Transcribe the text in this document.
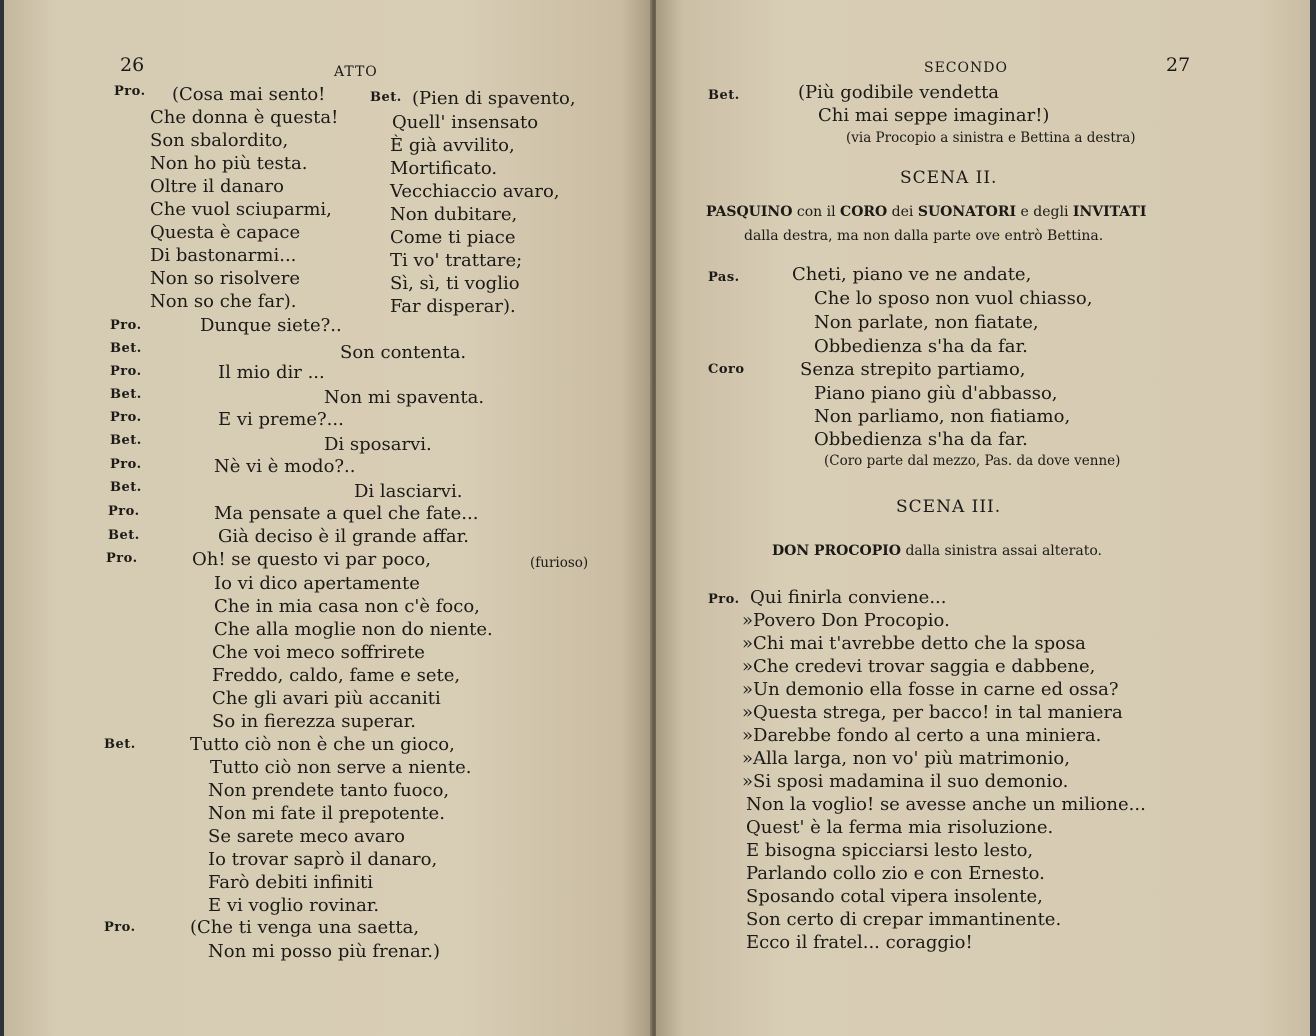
26	ATTO
Pro. (Cosa mai sento!
Che donna è questa!
Son sbalordito,
Non ho più testa.
Oltre il danaro
Che vuol sciuparmi,
Questa è capace
Di bastonarmi...
Non so risolvere
Non so che far).
Bet. (Pien di spavento,
Quell' insensato
È già avvilito,
Mortificato.
Vecchiaccio avaro,
Non dubitare,
Come ti piace
Ti vo' trattare;
Sì, sì, ti voglio
Far disperar).
Pro.	Dunque siete?..
Bet.	Son contenta.
Pro.	Il mio dir ...
Bet.	Non mi spaventa.
Pro.	E vi preme?...
Bet.	Di sposarvi.
Pro.	Nè vi è modo?..
Bet.	Di lasciarvi.
Pro.	Ma pensate a quel che fate...
Bet.	Già deciso è il grande affar.
Pro.	Oh! se questo vi par poco,	(furioso)
Io vi dico apertamente
Che in mia casa non c'è foco,
Che alla moglie non do niente.
Che voi meco soffrirete
Freddo, caldo, fame e sete,
Che gli avari più accaniti
So in fierezza superar.
Bet.	Tutto ciò non è che un gioco,
Tutto ciò non serve a niente.
Non prendete tanto fuoco,
Non mi fate il prepotente.
Se sarete meco avaro
Io trovar saprò il danaro,
Farò debiti infiniti
E vi voglio rovinar.
Pro.	(Che ti venga una saetta,
Non mi posso più frenar.)
SECONDO	27
Bet.	(Più godibile vendetta
Chi mai seppe imaginar!)
(via Procopio a sinistra e Bettina a destra)
SCENA II.
PASQUINO con il CORO dei SUONATORI e degli INVITATI
dalla destra, ma non dalla parte ove entrò Bettina.
Pas.	Cheti, piano ve ne andate,
Che lo sposo non vuol chiasso,
Non parlate, non fiatate,
Obbedienza s'ha da far.
Coro	Senza strepito partiamo,
Piano piano giù d'abbasso,
Non parliamo, non fiatiamo,
Obbedienza s'ha da far.
(Coro parte dal mezzo, Pas. da dove venne)
SCENA III.
DON PROCOPIO dalla sinistra assai alterato.
Pro. Qui finirla conviene...
»Povero Don Procopio.
»Chi mai t'avrebbe detto che la sposa
»Che credevi trovar saggia e dabbene,
»Un demonio ella fosse in carne ed ossa?
»Questa strega, per bacco! in tal maniera
»Darebbe fondo al certo a una miniera.
»Alla larga, non vo' più matrimonio,
»Si sposi madamina il suo demonio.
Non la voglio! se avesse anche un milione...
Quest' è la ferma mia risoluzione.
E bisogna spicciarsi lesto lesto,
Parlando collo zio e con Ernesto.
Sposando cotal vipera insolente,
Son certo di crepar immantinente.
Ecco il fratel... coraggio!
